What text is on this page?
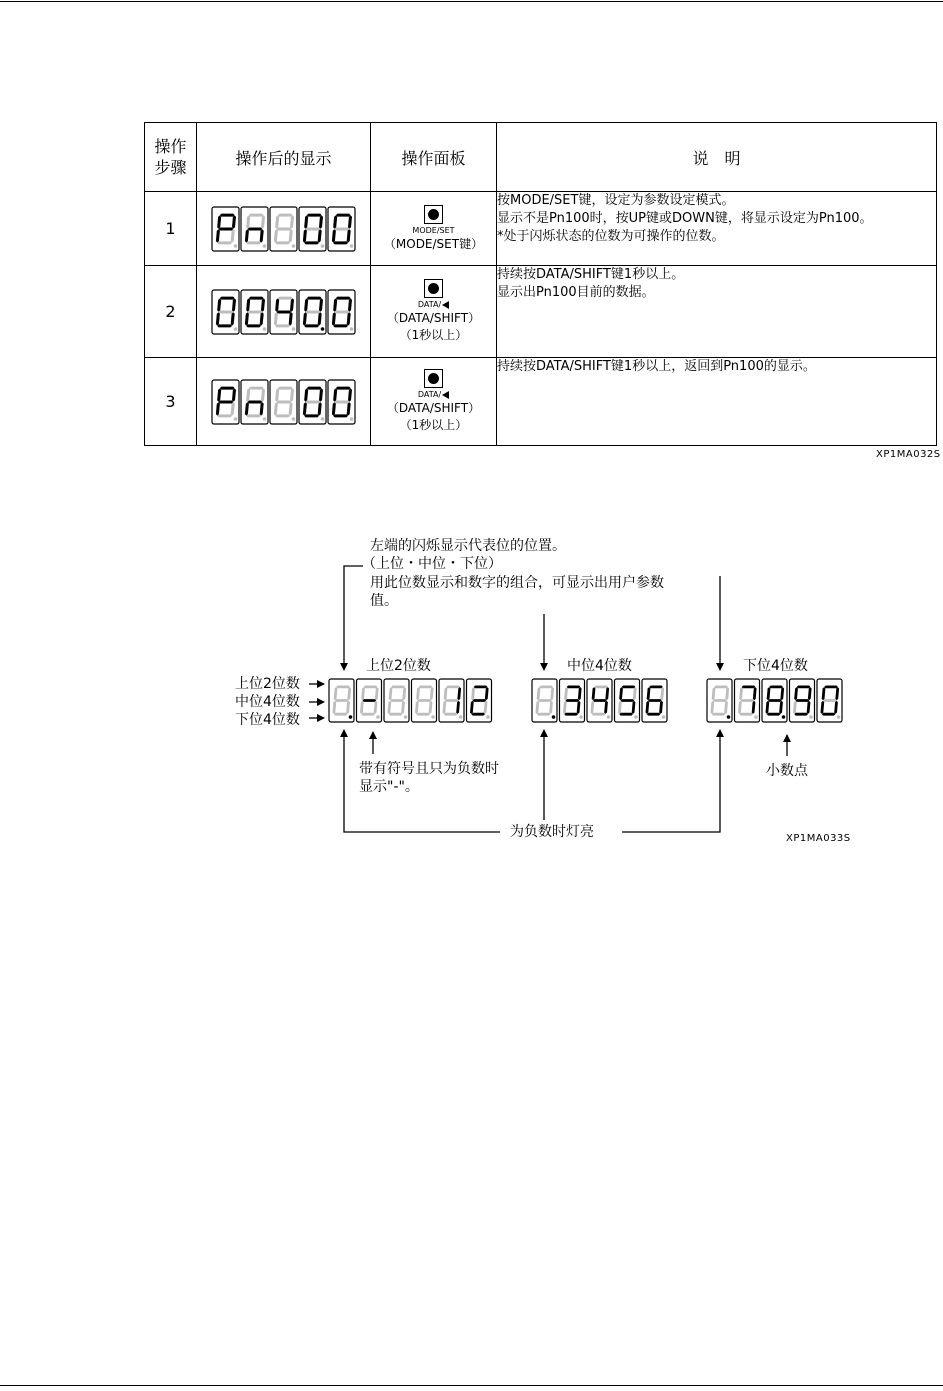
操作
步骤	操作后的显示	操作面板	说　明
1		MODE/SET
（MODE/SET键）	按MODE/SET键，设定为参数设定模式。
显示不是Pn100时，按UP键或DOWN键，将显示设定为Pn100。
*处于闪烁状态的位数为可操作的位数。

2		DATA/
（DATA/SHIFT）
（1秒以上）	持续按DATA/SHIFT键1秒以上。
显示出Pn100目前的数据。

3		DATA/
（DATA/SHIFT）
（1秒以上）	持续按DATA/SHIFT键1秒以上，返回到Pn100的显示。
XP1MA032S
左端的闪烁显示代表位的位置。
（上位・中位・下位）
用此位数显示和数字的组合，可显示出用户参数
值。
上位2位数	中位4位数	下位4位数
上位2位数
中位4位数
下位4位数
带有符号且只为负数时
显示"-"。
小数点
为负数时灯亮	XP1MA033S
